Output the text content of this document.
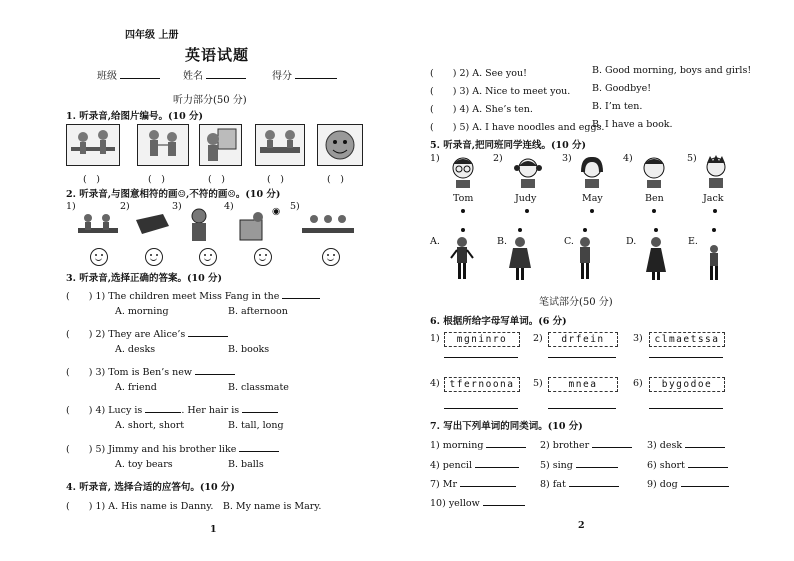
四年级 上册
英语试题
班级	姓名	得分
听力部分(50 分)
1. 听录音,给图片编号。(10 分)
(　)	(　)	(　)	(　)	(　)
2. 听录音,与图意相符的画☺,不符的画☹。(10 分)
1)	2)	3)	4)	5)
◉
3. 听录音,选择正确的答案。(10 分)
(　　) 1) The children meet Miss Fang in the
A. morning	B. afternoon
(　　) 2) They are Alice’s
A. desks	B. books
(　　) 3) Tom is Ben’s new
A. friend	B. classmate
(　　) 4) Lucy is	. Her hair is
A. short, short	B. tall, long
(　　) 5) Jimmy and his brother like
A. toy bears	B. balls
4. 听录音, 选择合适的应答句。(10 分)
(　　) 1) A. His name is Danny.　B. My name is Mary.
1
(　　) 2) A. See you!	B. Good morning, boys and girls!
(　　) 3) A. Nice to meet you. B. Goodbye!
(　　) 4) A. She’s ten.	B. I’m ten.
(　　) 5) A. I have noodles and eggs.
B. I have a book.
5. 听录音,把同班同学连线。(10 分)
1)	2)	3)	4)	5)
Tom	Judy	May	Ben	Jack
A.	B.	C.	D.	E.
笔试部分(50 分)
6. 根据所给字母写单词。(6 分)
1)	mgninro	2)	drfein	3)	clmaetssa
4)	tfernoona	5)	mnea	6)	bygodoe
7. 写出下列单词的同类词。(10 分)
1) morning	2) brother	3) desk
4) pencil	5) sing	6) short
7) Mr	8) fat	9) dog
10) yellow
2
